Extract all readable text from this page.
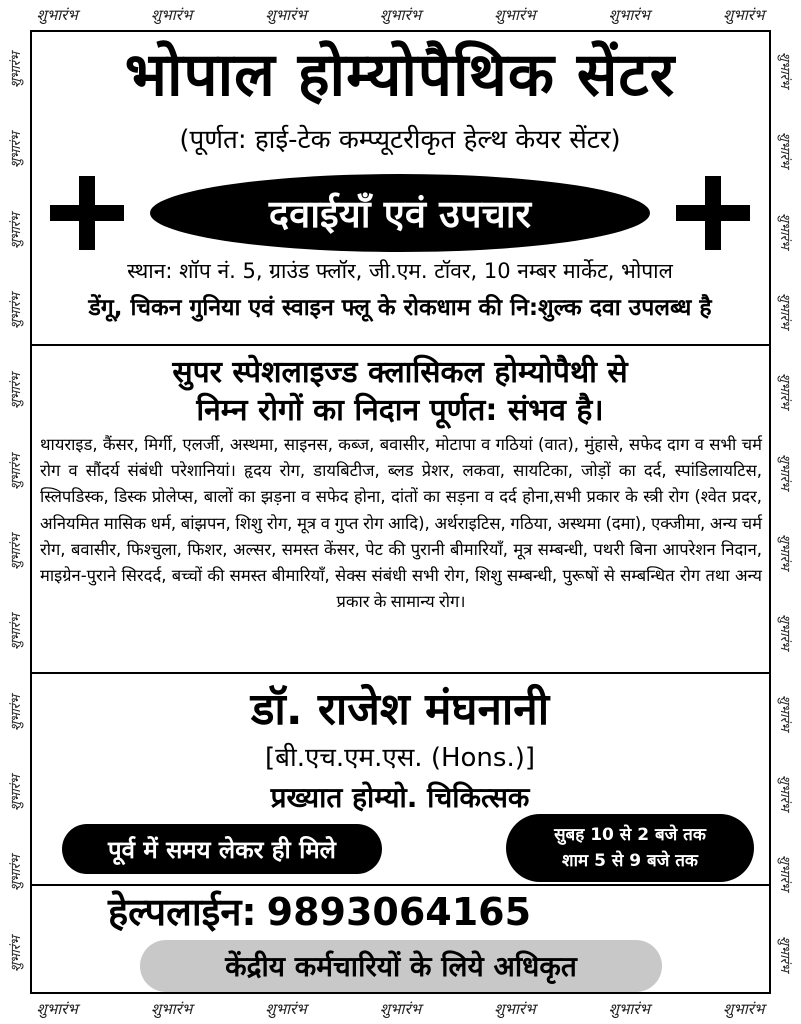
शुभारंभ	शुभारंभ	शुभारंभ	शुभारंभ	शुभारंभ	शुभारंभ	शुभारंभ
शुभारंभ	शुभारंभ	शुभारंभ	शुभारंभ	शुभारंभ	शुभारंभ	शुभारंभ
शुभारंभ
शुभारंभ
शुभारंभ
शुभारंभ
शुभारंभ
शुभारंभ
शुभारंभ
शुभारंभ
शुभारंभ
शुभारंभ
शुभारंभ
शुभारंभ
शुभारंभ
शुभारंभ
शुभारंभ
शुभारंभ
शुभारंभ
शुभारंभ
शुभारंभ
शुभारंभ
शुभारंभ
शुभारंभ
शुभारंभ
शुभारंभ
भोपाल होम्योपैथिक सेंटर
(पूर्णत: हाई-टेक कम्प्यूटरीकृत हेल्थ केयर सेंटर)
दवाईयाँ एवं उपचार
स्थान: शॉप नं. 5, ग्राउंड फ्लॉर, जी.एम. टॉवर, 10 नम्बर मार्केट, भोपाल
डेंगू, चिकन गुनिया एवं स्वाइन फ्लू के रोकधाम की नि:शुल्क दवा उपलब्ध है
सुपर स्पेशलाइज्ड क्लासिकल होम्योपैथी से
निम्न रोगों का निदान पूर्णत: संभव है।
थायराइड, कैंसर, मिर्गी, एलर्जी, अस्थमा, साइनस, कब्ज, बवासीर, मोटापा व गठियां (वात), मुंहासे, सफेद दाग व सभी चर्म रोग व सौंदर्य संबंधी परेशानियां। हृदय रोग, डायबिटीज, ब्लड प्रेशर, लकवा, सायटिका, जोड़ों का दर्द, स्पांडिलायटिस, स्लिपडिस्क, डिस्क प्रोलेप्स, बालों का झड़ना व सफेद होना, दांतों का सड़ना व दर्द होना,सभी प्रकार के स्त्री रोग (श्वेत प्रदर, अनियमित मासिक धर्म, बांझपन, शिशु रोग, मूत्र व गुप्त रोग आदि), अर्थराइटिस, गठिया, अस्थमा (दमा), एक्जीमा, अन्य चर्म रोग, बवासीर, फिश्चुला, फिशर, अल्सर, समस्त केंसर, पेट की पुरानी बीमारियाँ, मूत्र सम्बन्धी, पथरी बिना आपरेशन निदान, माइग्रेन-पुराने सिरदर्द, बच्चों की समस्त बीमारियाँ, सेक्स संबंधी सभी रोग, शिशु सम्बन्धी, पुरूषों से सम्बन्धित रोग तथा अन्य प्रकार के सामान्य रोग।
डॉ. राजेश मंघनानी
[बी.एच.एम.एस. (Hons.)]
प्रख्यात होम्यो. चिकित्सक
पूर्व में समय लेकर ही मिले
सुबह 10 से 2 बजे तक
शाम 5 से 9 बजे तक
हेल्पलाईन: 9893064165
केंद्रीय कर्मचारियों के लिये अधिकृत
